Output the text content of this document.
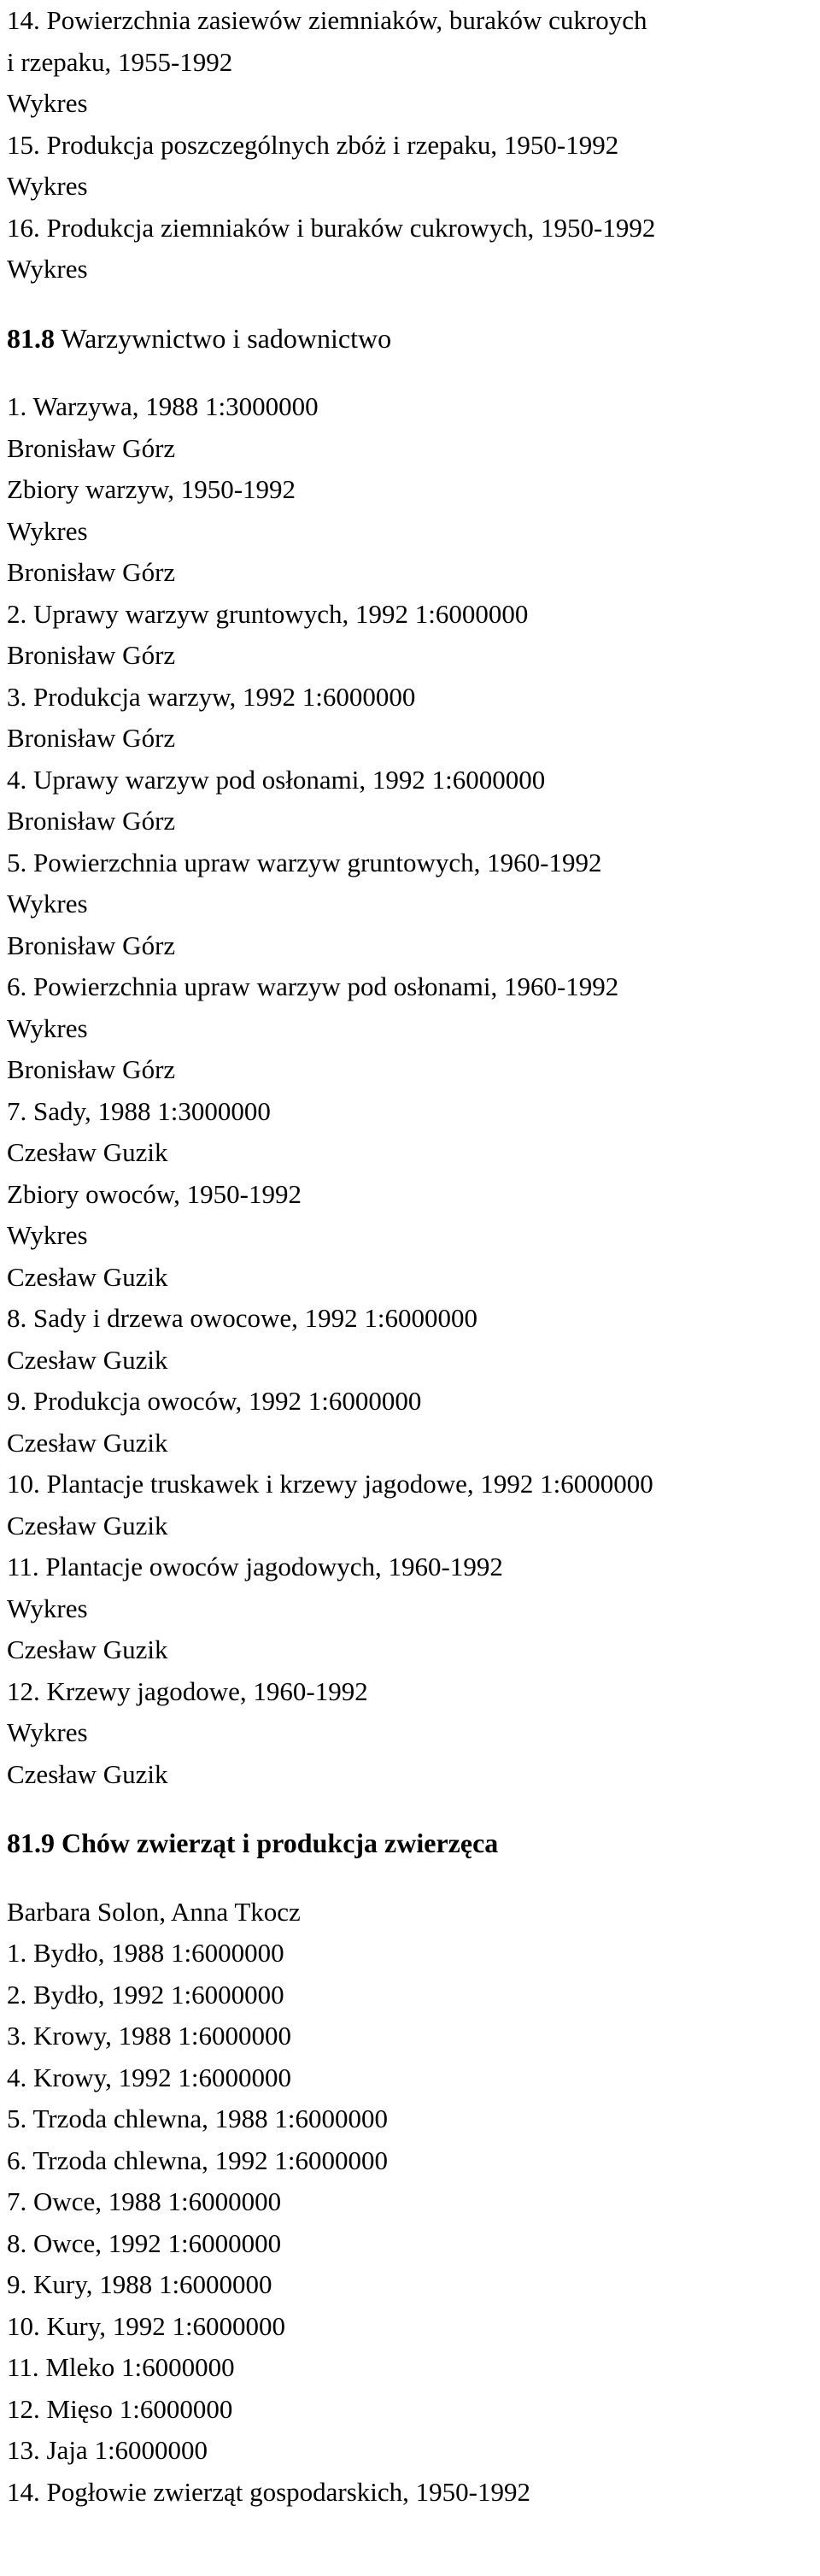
14. Powierzchnia zasiewów ziemniaków, buraków cukroych
i rzepaku, 1955-1992
Wykres
15. Produkcja poszczególnych zbóż i rzepaku, 1950-1992
Wykres
16. Produkcja ziemniaków i buraków cukrowych, 1950-1992
Wykres
81.8 Warzywnictwo i sadownictwo
1. Warzywa, 1988 1:3000000
Bronisław Górz
Zbiory warzyw, 1950-1992
Wykres
Bronisław Górz
2. Uprawy warzyw gruntowych, 1992 1:6000000
Bronisław Górz
3. Produkcja warzyw, 1992 1:6000000
Bronisław Górz
4. Uprawy warzyw pod osłonami, 1992 1:6000000
Bronisław Górz
5. Powierzchnia upraw warzyw gruntowych, 1960-1992
Wykres
Bronisław Górz
6. Powierzchnia upraw warzyw pod osłonami, 1960-1992
Wykres
Bronisław Górz
7. Sady, 1988 1:3000000
Czesław Guzik
Zbiory owoców, 1950-1992
Wykres
Czesław Guzik
8. Sady i drzewa owocowe, 1992 1:6000000
Czesław Guzik
9. Produkcja owoców, 1992 1:6000000
Czesław Guzik
10. Plantacje truskawek i krzewy jagodowe, 1992 1:6000000
Czesław Guzik
11. Plantacje owoców jagodowych, 1960-1992
Wykres
Czesław Guzik
12. Krzewy jagodowe, 1960-1992
Wykres
Czesław Guzik
81.9 Chów zwierząt i produkcja zwierzęca
Barbara Solon, Anna Tkocz
1. Bydło, 1988 1:6000000
2. Bydło, 1992 1:6000000
3. Krowy, 1988 1:6000000
4. Krowy, 1992 1:6000000
5. Trzoda chlewna, 1988 1:6000000
6. Trzoda chlewna, 1992 1:6000000
7. Owce, 1988 1:6000000
8. Owce, 1992 1:6000000
9. Kury, 1988 1:6000000
10. Kury, 1992 1:6000000
11. Mleko 1:6000000
12. Mięso 1:6000000
13. Jaja 1:6000000
14. Pogłowie zwierząt gospodarskich, 1950-1992
